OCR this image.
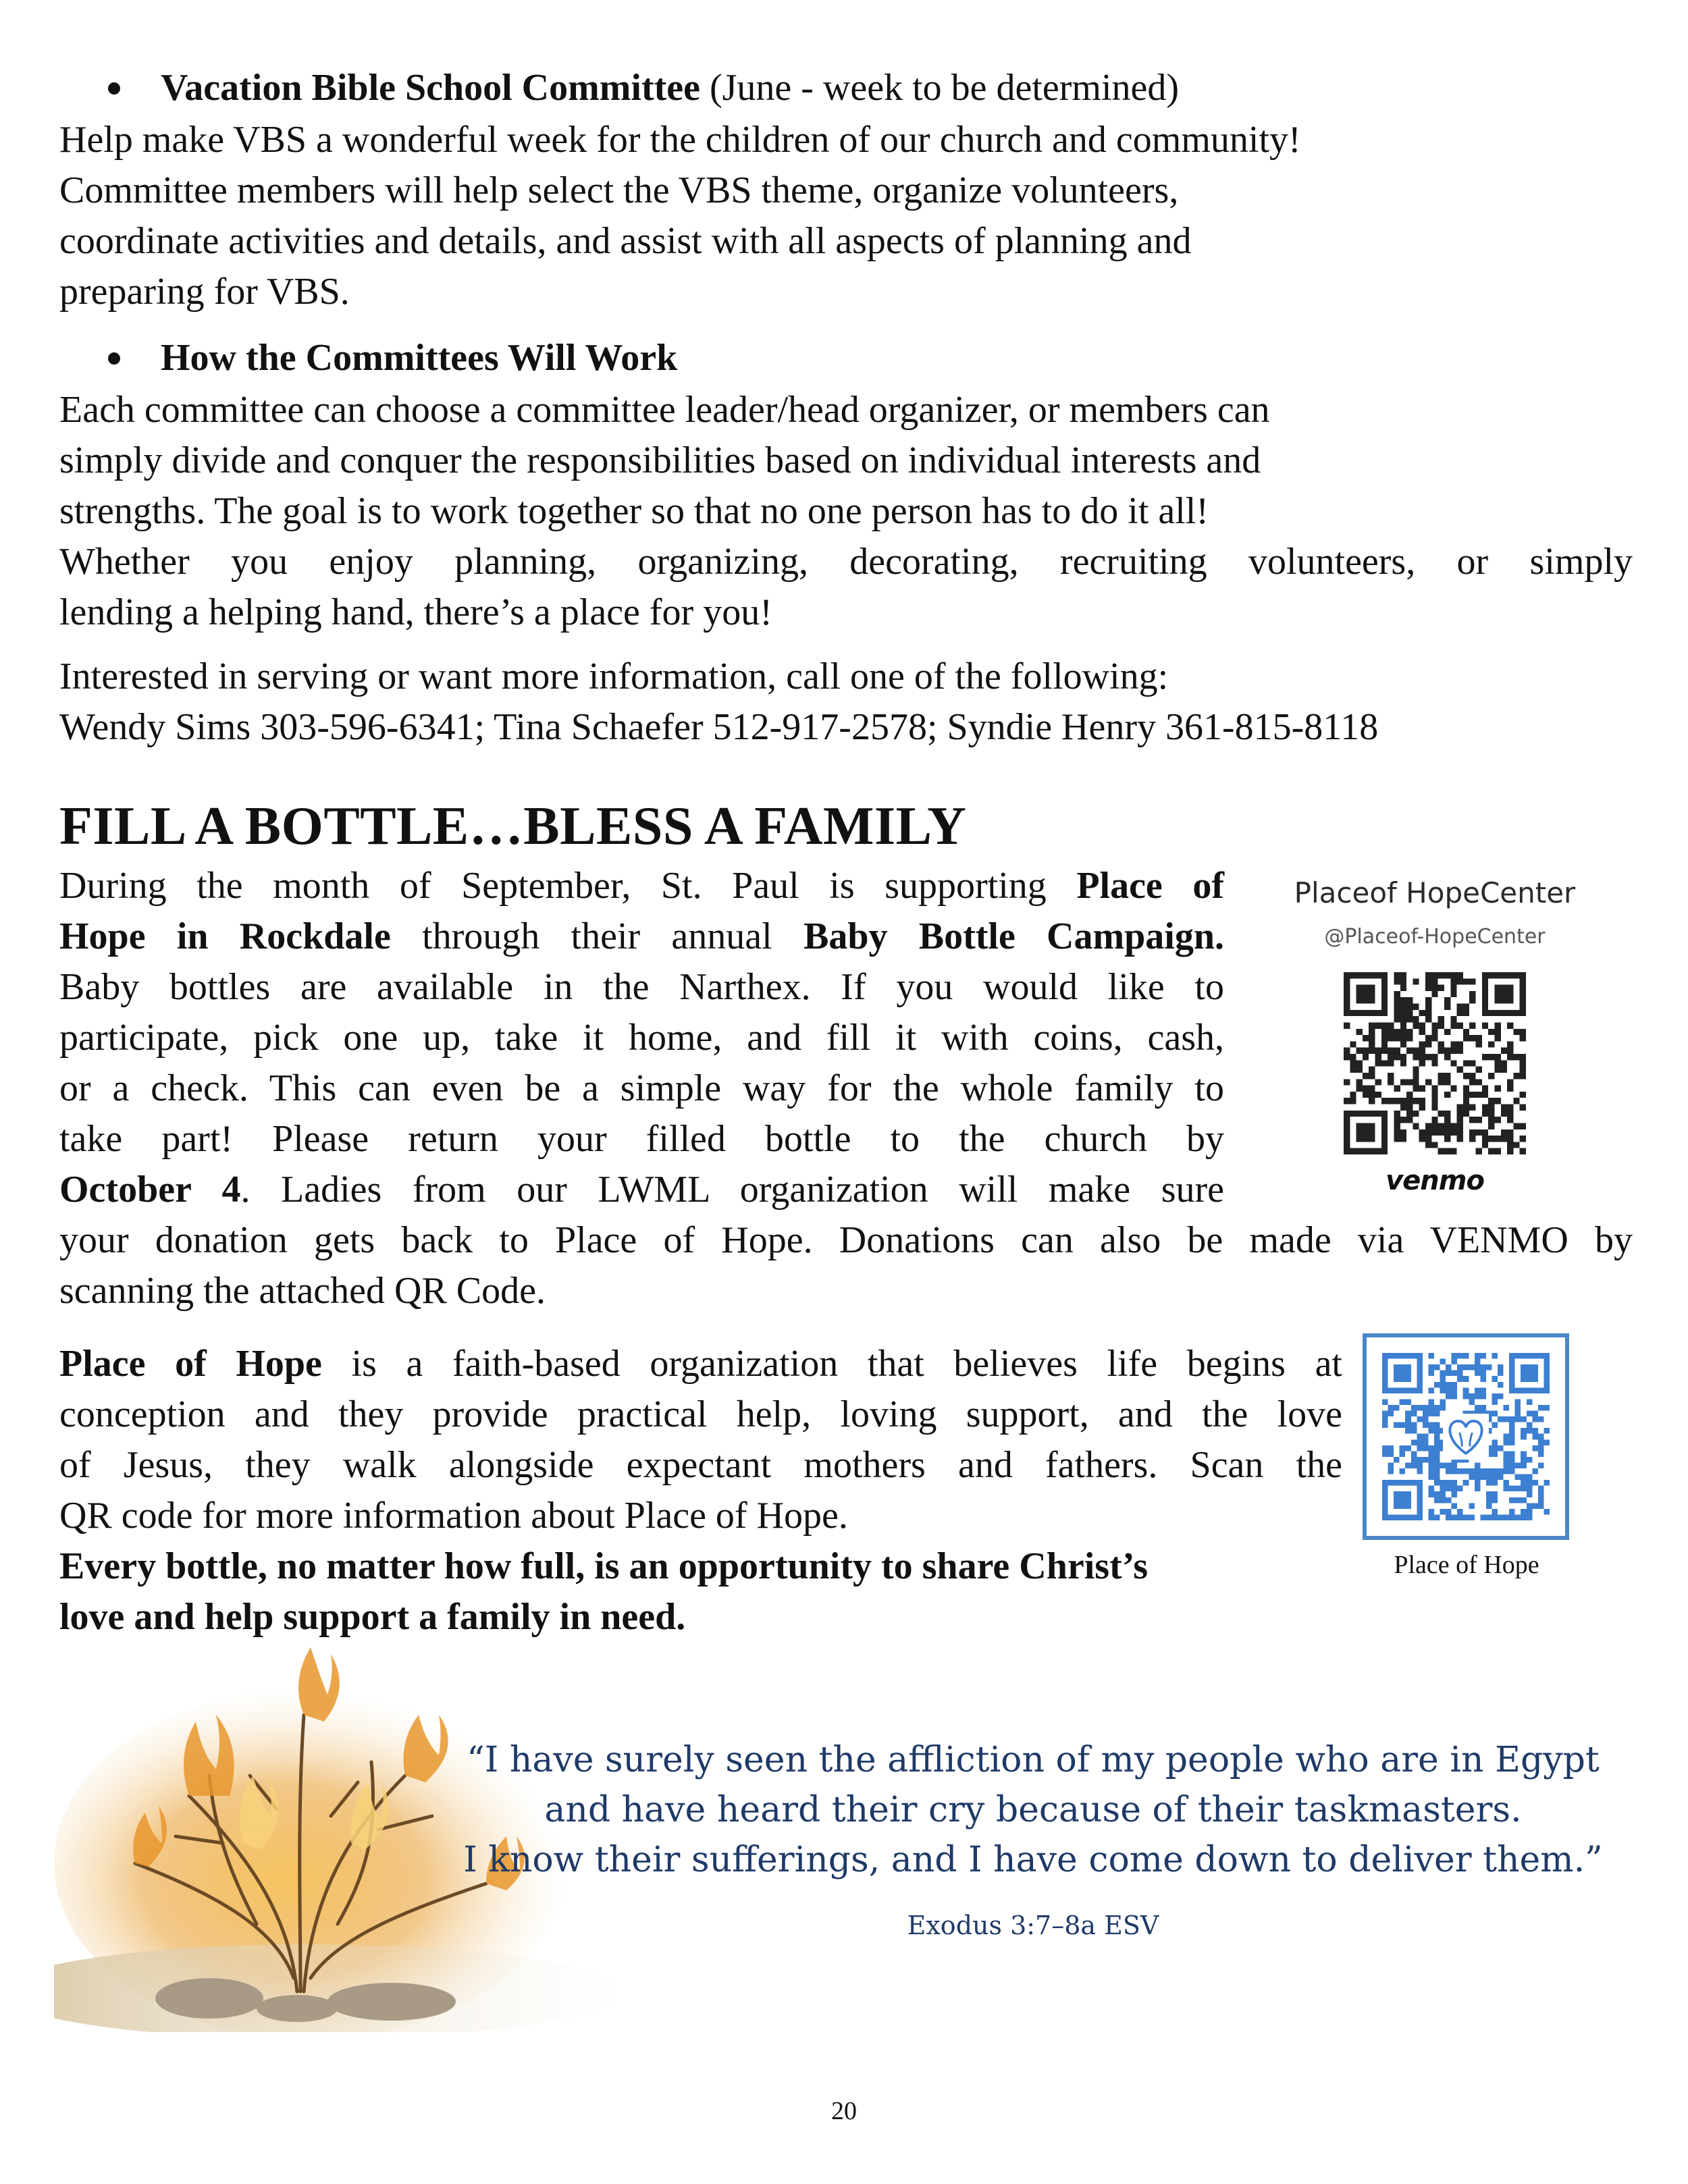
Vacation Bible School Committee (June - week to be determined)
Help make VBS a wonderful week for the children of our church and community!
Committee members will help select the VBS theme, organize volunteers,
coordinate activities and details, and assist with all aspects of planning and
preparing for VBS.
How the Committees Will Work
Each committee can choose a committee leader/head organizer, or members can
simply divide and conquer the responsibilities based on individual interests and
strengths. The goal is to work together so that no one person has to do it all!
Whether you enjoy planning, organizing, decorating, recruiting volunteers, or simply
lending a helping hand, there’s a place for you!
Interested in serving or want more information, call one of the following:
Wendy Sims 303-596-6341; Tina Schaefer 512-917-2578; Syndie Henry 361-815-8118
FILL A BOTTLE…BLESS A FAMILY
During the month of September, St. Paul is supporting Place of
Hope in Rockdale through their annual Baby Bottle Campaign.
Baby bottles are available in the Narthex. If you would like to
participate, pick one up, take it home, and fill it with coins, cash,
or a check. This can even be a simple way for the whole family to
take part! Please return your filled bottle to the church by
October 4. Ladies from our LWML organization will make sure
your donation gets back to Place of Hope. Donations can also be made via VENMO by
scanning the attached QR Code.
Placeof HopeCenter
@Placeof-HopeCenter
venmo
Place of Hope is a faith-based organization that believes life begins at
conception and they provide practical help, loving support, and the love
of Jesus, they walk alongside expectant mothers and fathers. Scan the
QR code for more information about Place of Hope.
Every bottle, no matter how full, is an opportunity to share Christ’s
love and help support a family in need.
Place of Hope
“I have surely seen the affliction of my people who are in Egypt
and have heard their cry because of their taskmasters.
I know their sufferings, and I have come down to deliver them.”
Exodus 3:7–8a ESV
20
